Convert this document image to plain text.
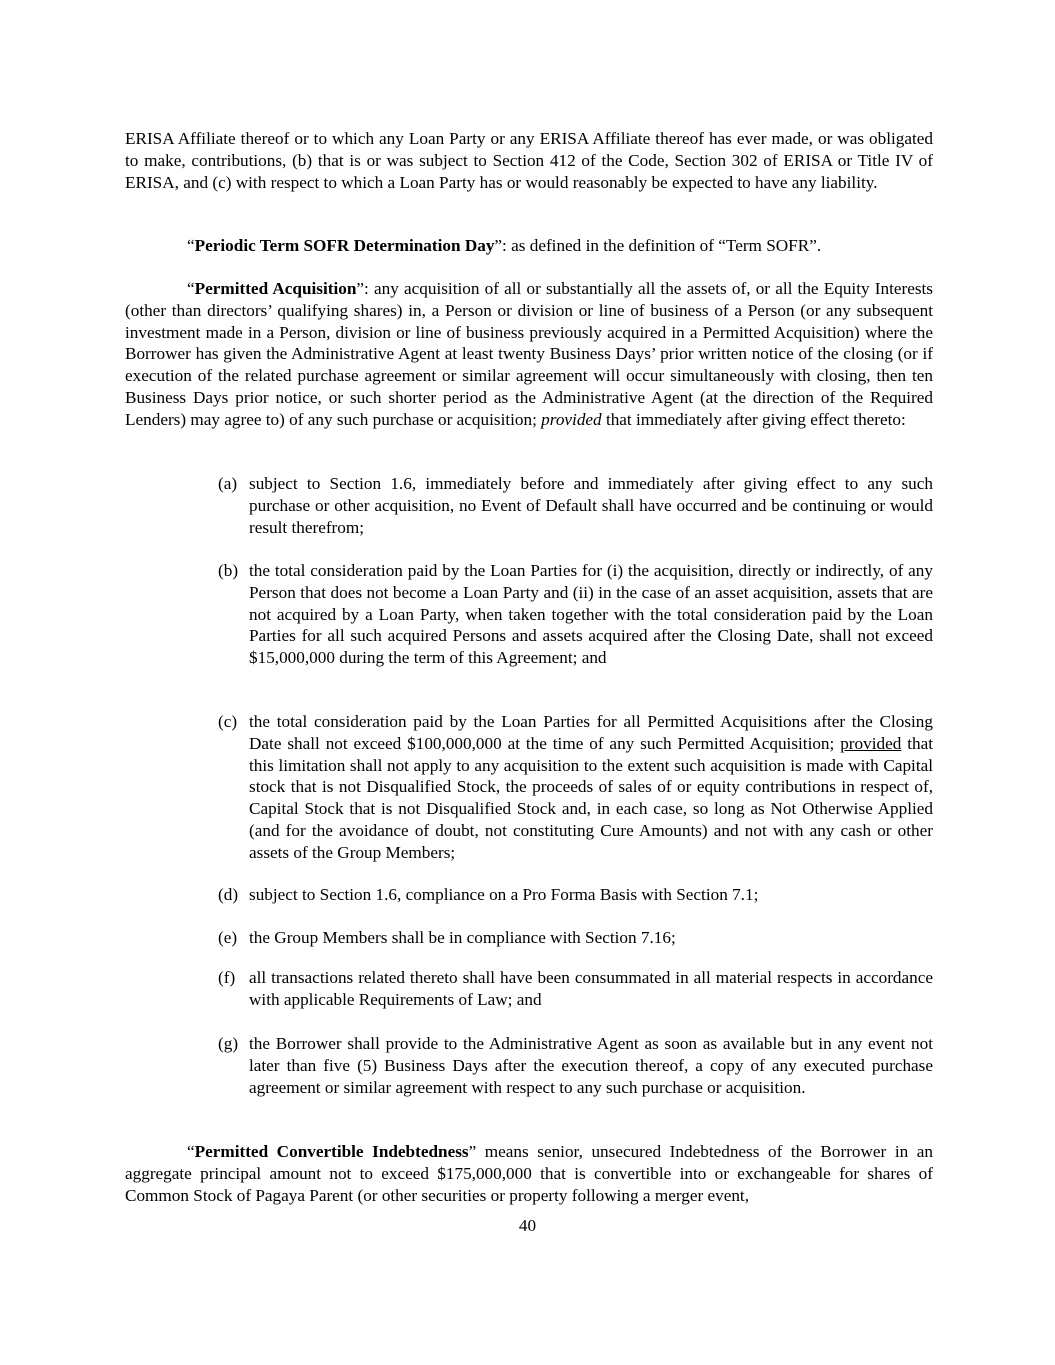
ERISA Affiliate thereof or to which any Loan Party or any ERISA Affiliate thereof has ever made, or was obligated to make, contributions, (b) that is or was subject to Section 412 of the Code, Section 302 of ERISA or Title IV of ERISA, and (c) with respect to which a Loan Party has or would reasonably be expected to have any liability.

“Periodic Term SOFR Determination Day”: as defined in the definition of “Term SOFR”.

“Permitted Acquisition”: any acquisition of all or substantially all the assets of, or all the Equity Interests (other than directors’ qualifying shares) in, a Person or division or line of business of a Person (or any subsequent investment made in a Person, division or line of business previously acquired in a Permitted Acquisition) where the Borrower has given the Administrative Agent at least twenty Business Days’ prior written notice of the closing (or if execution of the related purchase agreement or similar agreement will occur simultaneously with closing, then ten Business Days prior notice, or such shorter period as the Administrative Agent (at the direction of the Required Lenders) may agree to) of any such purchase or acquisition; provided that immediately after giving effect thereto:

(a) subject to Section 1.6, immediately before and immediately after giving effect to any such purchase or other acquisition, no Event of Default shall have occurred and be continuing or would result therefrom;
(b) the total consideration paid by the Loan Parties for (i) the acquisition, directly or indirectly, of any Person that does not become a Loan Party and (ii) in the case of an asset acquisition, assets that are not acquired by a Loan Party, when taken together with the total consideration paid by the Loan Parties for all such acquired Persons and assets acquired after the Closing Date, shall not exceed $15,000,000 during the term of this Agreement; and
(c) the total consideration paid by the Loan Parties for all Permitted Acquisitions after the Closing Date shall not exceed $100,000,000 at the time of any such Permitted Acquisition; provided that this limitation shall not apply to any acquisition to the extent such acquisition is made with Capital stock that is not Disqualified Stock, the proceeds of sales of or equity contributions in respect of, Capital Stock that is not Disqualified Stock and, in each case, so long as Not Otherwise Applied (and for the avoidance of doubt, not constituting Cure Amounts) and not with any cash or other assets of the Group Members;
(d) subject to Section 1.6, compliance on a Pro Forma Basis with Section 7.1;
(e) the Group Members shall be in compliance with Section 7.16;
(f) all transactions related thereto shall have been consummated in all material respects in accordance with applicable Requirements of Law; and
(g) the Borrower shall provide to the Administrative Agent as soon as available but in any event not later than five (5) Business Days after the execution thereof, a copy of any executed purchase agreement or similar agreement with respect to any such purchase or acquisition.

“Permitted Convertible Indebtedness” means senior, unsecured Indebtedness of the Borrower in an aggregate principal amount not to exceed $175,000,000 that is convertible into or exchangeable for shares of Common Stock of Pagaya Parent (or other securities or property following a merger event,

40
